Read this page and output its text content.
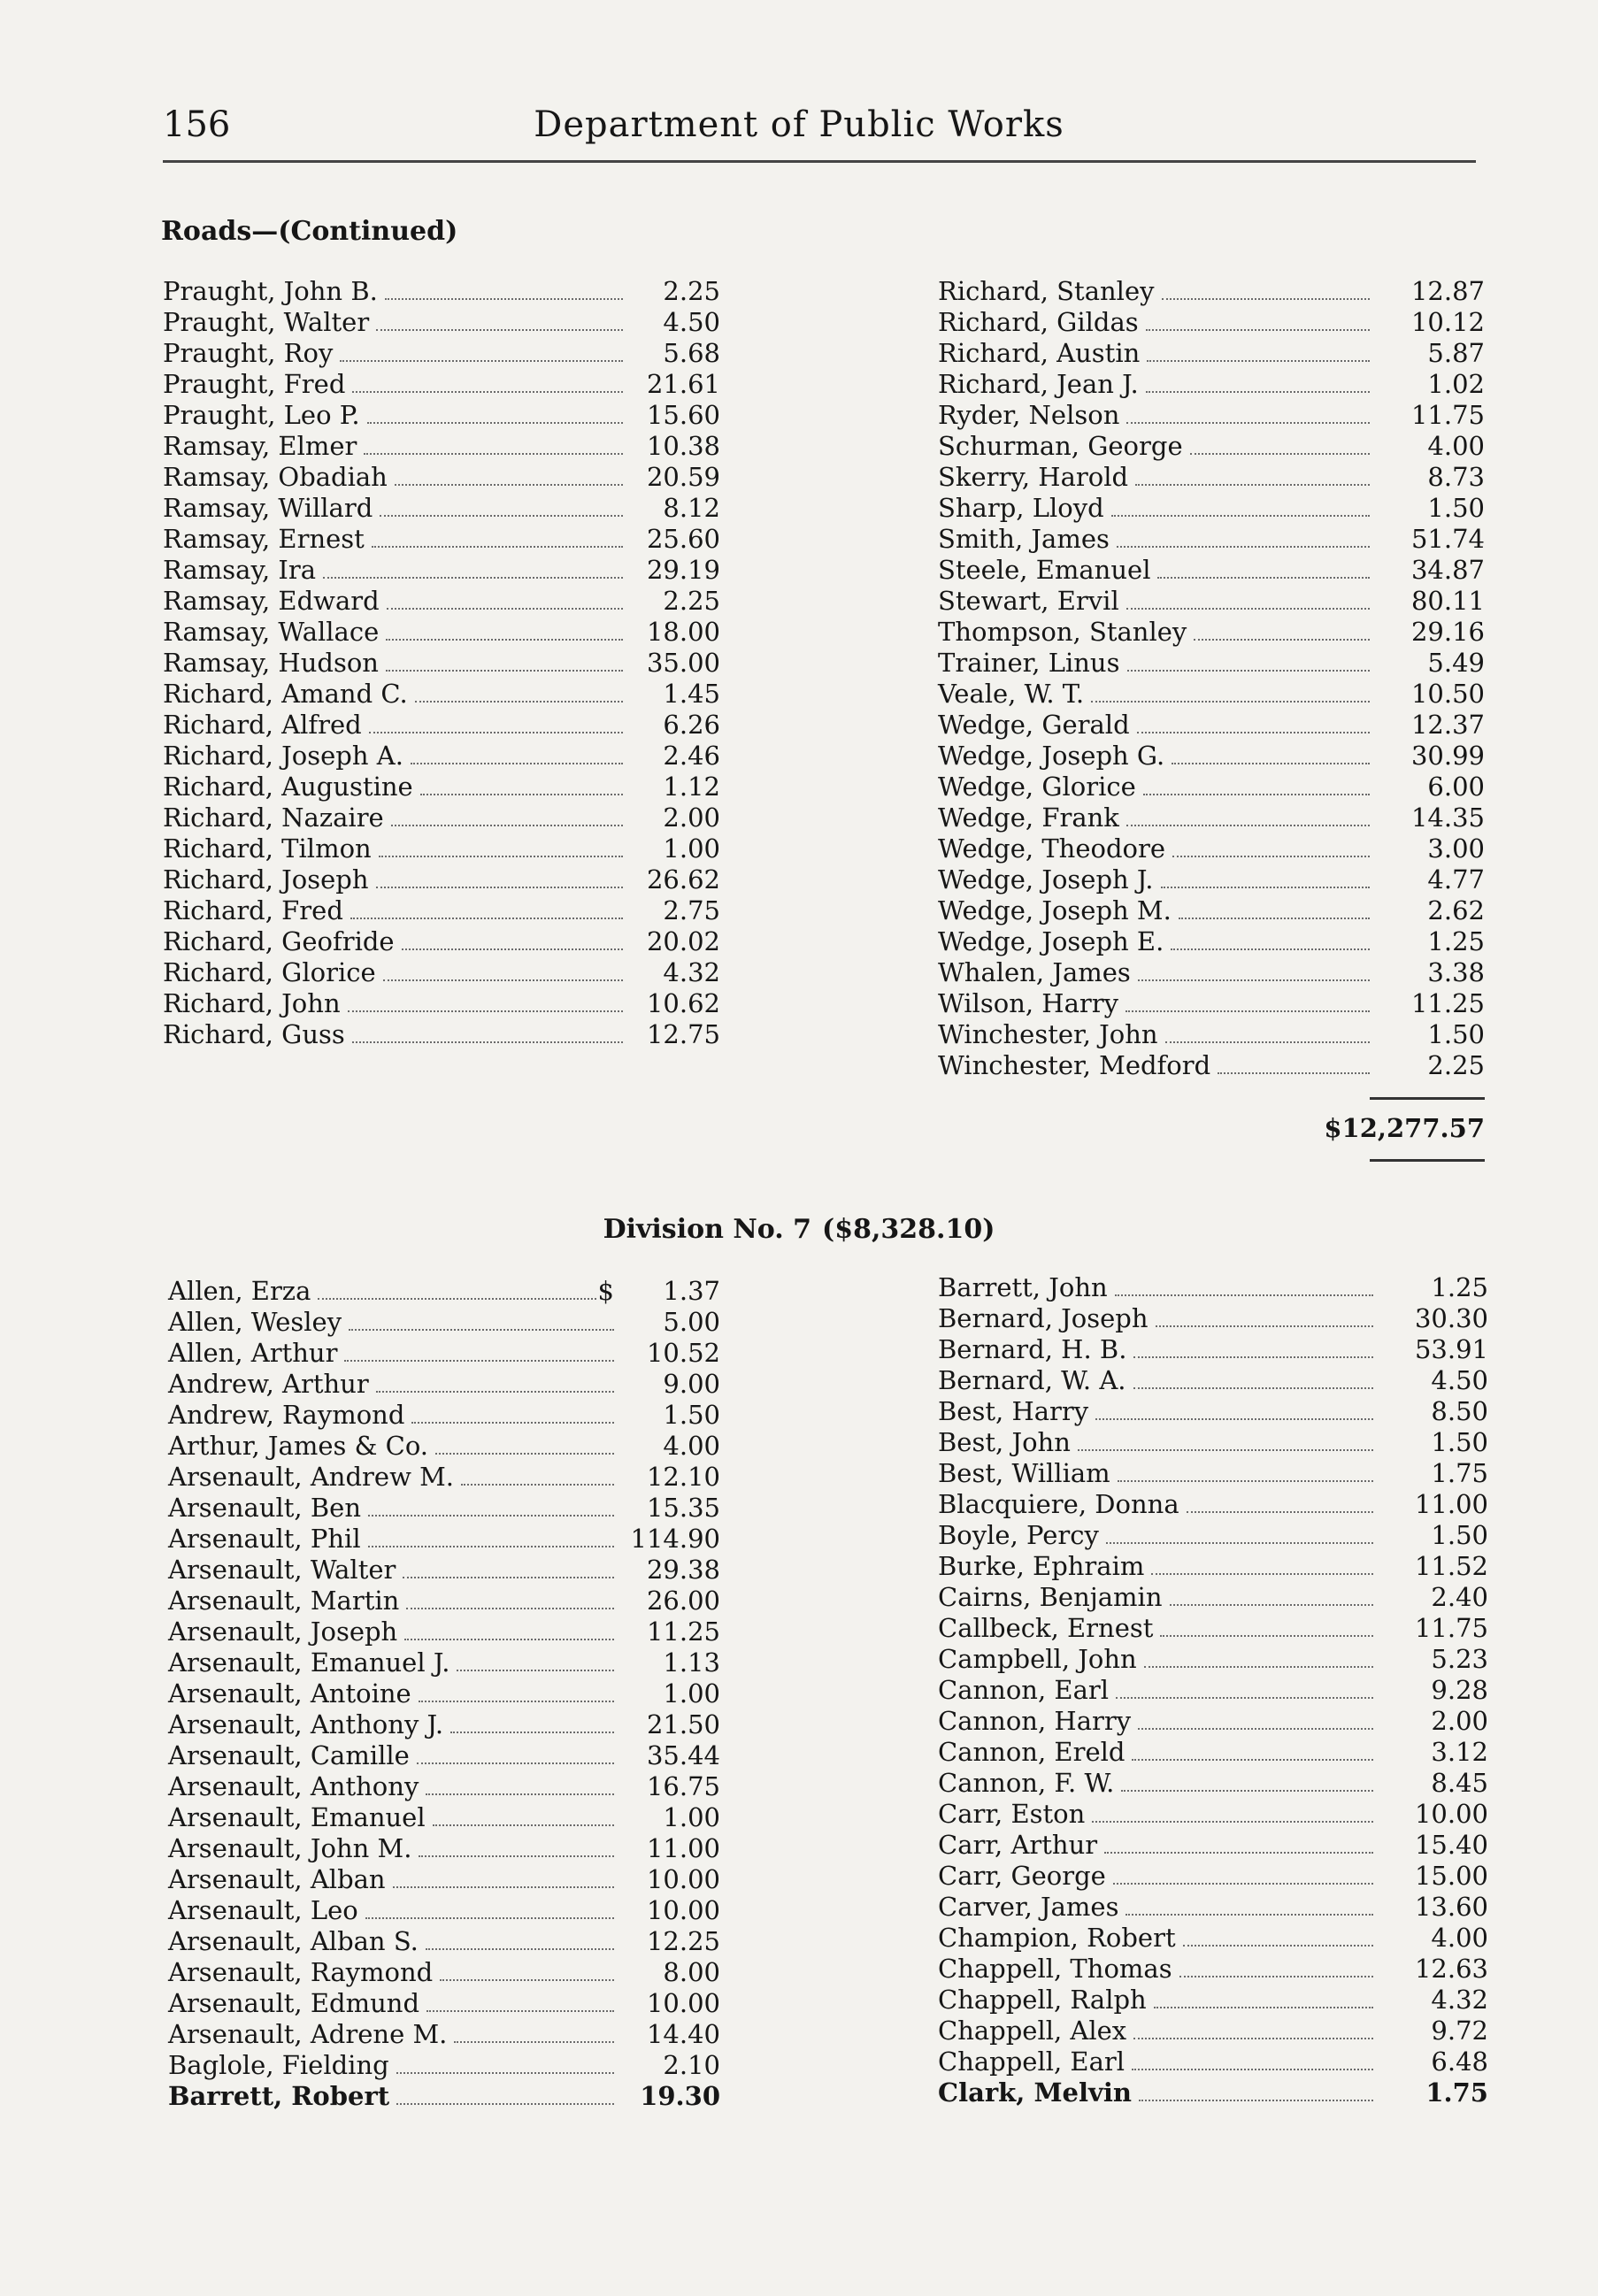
156	Department of Public Works
Roads—(Continued)
Praught, John B.	2.25
Praught, Walter	4.50
Praught, Roy	5.68
Praught, Fred	21.61
Praught, Leo P.	15.60
Ramsay, Elmer	10.38
Ramsay, Obadiah	20.59
Ramsay, Willard	8.12
Ramsay, Ernest	25.60
Ramsay, Ira	29.19
Ramsay, Edward	2.25
Ramsay, Wallace	18.00
Ramsay, Hudson	35.00
Richard, Amand C.	1.45
Richard, Alfred	6.26
Richard, Joseph A.	2.46
Richard, Augustine	1.12
Richard, Nazaire	2.00
Richard, Tilmon	1.00
Richard, Joseph	26.62
Richard, Fred	2.75
Richard, Geofride	20.02
Richard, Glorice	4.32
Richard, John	10.62
Richard, Guss	12.75
Richard, Stanley	12.87
Richard, Gildas	10.12
Richard, Austin	5.87
Richard, Jean J.	1.02
Ryder, Nelson	11.75
Schurman, George	4.00
Skerry, Harold	8.73
Sharp, Lloyd	1.50
Smith, James	51.74
Steele, Emanuel	34.87
Stewart, Ervil	80.11
Thompson, Stanley	29.16
Trainer, Linus	5.49
Veale, W. T.	10.50
Wedge, Gerald	12.37
Wedge, Joseph G.	30.99
Wedge, Glorice	6.00
Wedge, Frank	14.35
Wedge, Theodore	3.00
Wedge, Joseph J.	4.77
Wedge, Joseph M.	2.62
Wedge, Joseph E.	1.25
Whalen, James	3.38
Wilson, Harry	11.25
Winchester, John	1.50
Winchester, Medford	2.25
$12,277.57
Division No. 7 ($8,328.10)
Allen, Erza	$	1.37
Allen, Wesley	5.00
Allen, Arthur	10.52
Andrew, Arthur	9.00
Andrew, Raymond	1.50
Arthur, James & Co.	4.00
Arsenault, Andrew M.	12.10
Arsenault, Ben	15.35
Arsenault, Phil	114.90
Arsenault, Walter	29.38
Arsenault, Martin	26.00
Arsenault, Joseph	11.25
Arsenault, Emanuel J.	1.13
Arsenault, Antoine	1.00
Arsenault, Anthony J.	21.50
Arsenault, Camille	35.44
Arsenault, Anthony	16.75
Arsenault, Emanuel	1.00
Arsenault, John M.	11.00
Arsenault, Alban	10.00
Arsenault, Leo	10.00
Arsenault, Alban S.	12.25
Arsenault, Raymond	8.00
Arsenault, Edmund	10.00
Arsenault, Adrene M.	14.40
Baglole, Fielding	2.10
Barrett, Robert	19.30
Barrett, John	1.25
Bernard, Joseph	30.30
Bernard, H. B.	53.91
Bernard, W. A.	4.50
Best, Harry	8.50
Best, John	1.50
Best, William	1.75
Blacquiere, Donna	11.00
Boyle, Percy	1.50
Burke, Ephraim	11.52
Cairns, Benjamin	2.40
Callbeck, Ernest	11.75
Campbell, John	5.23
Cannon, Earl	9.28
Cannon, Harry	2.00
Cannon, Ereld	3.12
Cannon, F. W.	8.45
Carr, Eston	10.00
Carr, Arthur	15.40
Carr, George	15.00
Carver, James	13.60
Champion, Robert	4.00
Chappell, Thomas	12.63
Chappell, Ralph	4.32
Chappell, Alex	9.72
Chappell, Earl	6.48
Clark, Melvin	1.75
